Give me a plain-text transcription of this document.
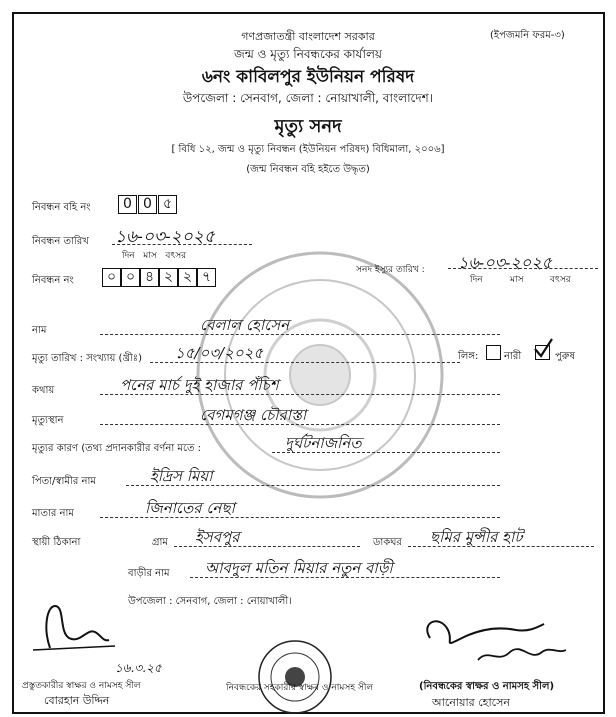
(ইপজমনি ফরম-৩)
গণপ্রজাতন্ত্রী বাংলাদেশ সরকার
জন্ম ও মৃত্যু নিবন্ধকের কার্যালয়
৬নং কাবিলপুর ইউনিয়ন পরিষদ
উপজেলা : সেনবাগ, জেলা : নোয়াখালী, বাংলাদেশ।
মৃত্যু সনদ
[ বিধি ১২, জন্ম ও মৃত্যু নিবন্ধন (ইউনিয়ন পরিষদ) বিধিমালা, ২০০৬]
(জন্ম নিবন্ধন বহি হইতে উদ্ধৃত)
নিবন্ধন বহি নং	0 0 ৫
নিবন্ধন তারিখ ১৬-০৩-২০২৫
দিন   মাস   বৎসর
নিবন্ধন নং	০ ০ ৪ ২ ২ ৭	সনদ ইস্যুর তারিখ : ১৬-০৩-২০২৫
দিন	মাস	বৎসর
নাম	বেলাল হোসেন
মৃত্যু তারিখ : সংখ্যায় (খ্রীঃ) ১৫/০৩/২০২৫	লিঙ্গ:	নারী	পুরুষ
কথায়	পনের মার্চ দুই হাজার পঁচিশ
মৃত্যুস্থান	বেগমগঞ্জ চৌরাস্তা
মৃত্যুর কারণ (তথ্য প্রদানকারীর বর্ণনা মতে :	দুর্ঘটনাজনিত
পিতা/স্বামীর নাম	ইদ্রিস মিয়া
মাতার নাম	জিনাতের নেছা
স্থায়ী ঠিকানা	গ্রাম ইসবপুর	ডাকঘর ছমির মুন্সীর হাট
বাড়ীর নাম আবদুল মতিন মিয়ার নতুন বাড়ী
উপজেলা : সেনবাগ, জেলা : নোয়াখালী।
১৬.৩.২৫
প্রস্তুতকারীর স্বাক্ষর ও নামসহ সীল
বোরহান উদ্দিন
নিবন্ধকের সহকারীর স্বাক্ষর ও নামসহ সীল	(নিবন্ধকের স্বাক্ষর ও নামসহ সীল)
আনোয়ার হোসেন
